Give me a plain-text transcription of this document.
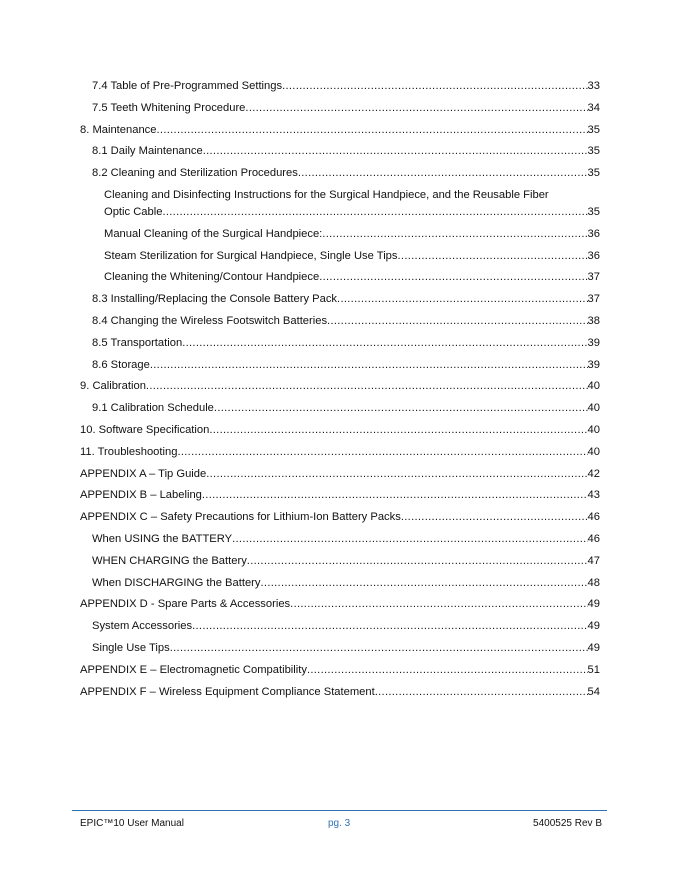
7.4 Table of Pre-Programmed Settings .....	33
7.5 Teeth Whitening Procedure .....	34
8. Maintenance .....	35
8.1 Daily Maintenance .....	35
8.2 Cleaning and Sterilization Procedures .....	35
Cleaning and Disinfecting Instructions for the Surgical Handpiece, and the Reusable Fiber
Optic Cable .....	35
Manual Cleaning of the Surgical Handpiece: .....	36
Steam Sterilization for Surgical Handpiece, Single Use Tips .....	36
Cleaning the Whitening/Contour Handpiece .....	37
8.3 Installing/Replacing the Console Battery Pack .....	37
8.4 Changing the Wireless Footswitch Batteries .....	38
8.5 Transportation .....	39
8.6 Storage .....	39
9. Calibration .....	40
9.1 Calibration Schedule .....	40
10. Software Specification .....	40
11. Troubleshooting .....	40
APPENDIX A – Tip Guide .....	42
APPENDIX B – Labeling .....	43
APPENDIX C – Safety Precautions for Lithium-Ion Battery Packs .....	46
When USING the BATTERY .....	46
WHEN CHARGING the Battery .....	47
When DISCHARGING the Battery .....	48
APPENDIX D - Spare Parts & Accessories .....	49
System Accessories .....	49
Single Use Tips .....	49
APPENDIX E – Electromagnetic Compatibility .....	51
APPENDIX F – Wireless Equipment Compliance Statement .....	54
EPIC™10 User Manual	pg. 3	5400525 Rev B
